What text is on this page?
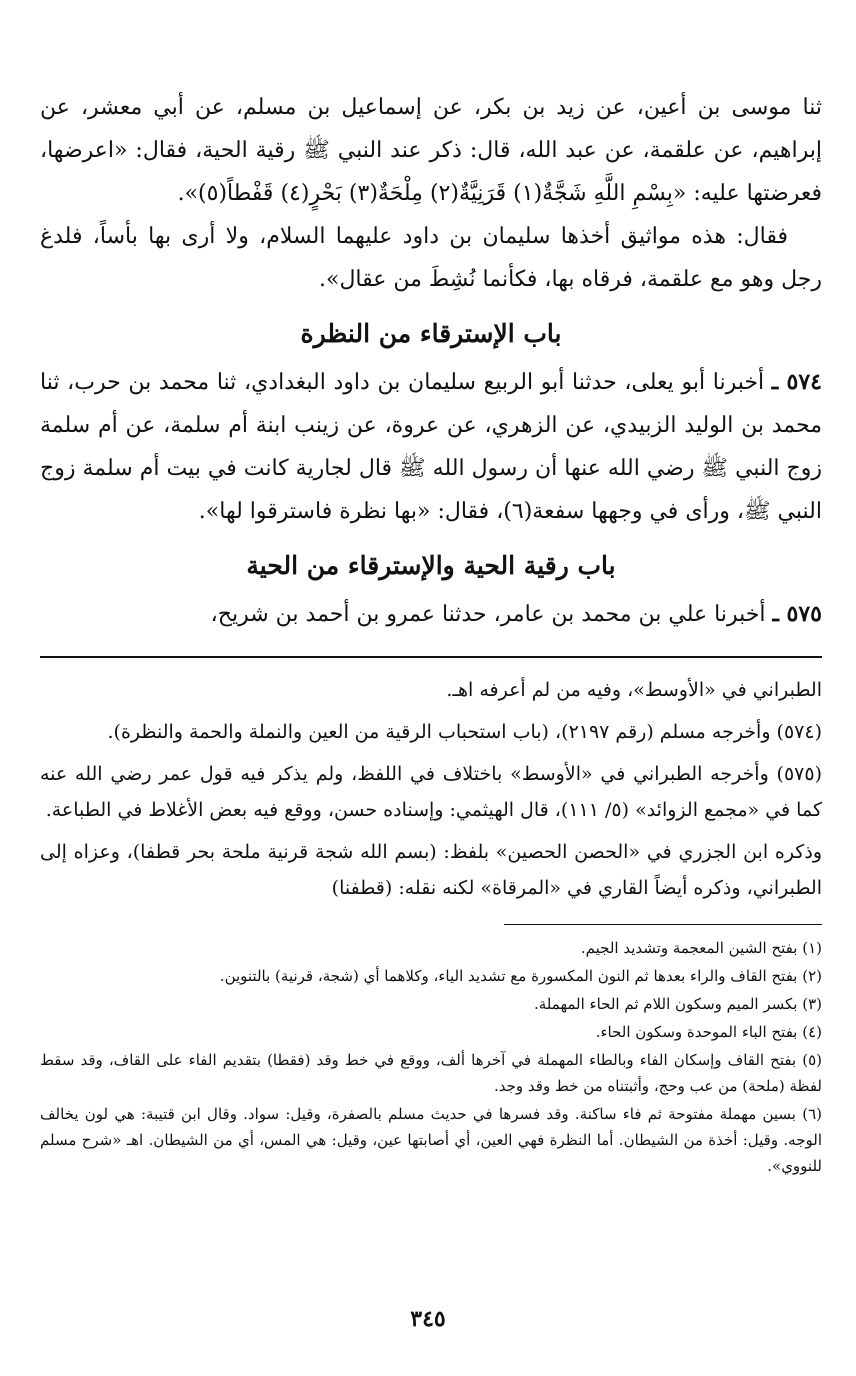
ثنا موسى بن أعين، عن زيد بن بكر، عن إسماعيل بن مسلم، عن أبي معشر، عن إبراهيم، عن علقمة، عن عبد الله، قال: ذكر عند النبي ﷺ رقية الحية، فقال: «اعرضها، فعرضتها عليه: «بِسْمِ اللَّهِ شَجَّةٌ(١) قَرَنِيَّةٌ(٢) مِلْحَةٌ(٣) بَحْرٍ(٤) قَفْطاً(٥)».

فقال: هذه مواثيق أخذها سليمان بن داود عليهما السلام، ولا أرى بها بأساً، فلدغ رجل وهو مع علقمة، فرقاه بها، فكأنما نُشِطَ من عقال».

باب الإسترقاء من النظرة

٥٧٤ ـ أخبرنا أبو يعلى، حدثنا أبو الربيع سليمان بن داود البغدادي، ثنا محمد بن حرب، ثنا محمد بن الوليد الزبيدي، عن الزهري، عن عروة، عن زينب ابنة أم سلمة، عن أم سلمة زوج النبي ﷺ رضي الله عنها أن رسول الله ﷺ قال لجارية كانت في بيت أم سلمة زوج النبي ﷺ، ورأى في وجهها سفعة(٦)، فقال: «بها نظرة فاسترقوا لها».

باب رقية الحية والإسترقاء من الحية

٥٧٥ ـ أخبرنا علي بن محمد بن عامر، حدثنا عمرو بن أحمد بن شريح،

الطبراني في «الأوسط»، وفيه من لم أعرفه اهـ.

(٥٧٤) وأخرجه مسلم (رقم ٢١٩٧)، (باب استحباب الرقية من العين والنملة والحمة والنظرة).

(٥٧٥) وأخرجه الطبراني في «الأوسط» باختلاف في اللفظ، ولم يذكر فيه قول عمر رضي الله عنه كما في «مجمع الزوائد» (٥/ ١١١)، قال الهيثمي: وإسناده حسن، ووقع فيه بعض الأغلاط في الطباعة.

وذكره ابن الجزري في «الحصن الحصين» بلفظ: (بسم الله شجة قرنية ملحة بحر قطفا)، وعزاه إلى الطبراني، وذكره أيضاً القاري في «المرقاة» لكنه نقله: (قطفنا)

(١) بفتح الشين المعجمة وتشديد الجيم.

(٢) بفتح القاف والراء بعدها ثم النون المكسورة مع تشديد الياء، وكلاهما أي (شجة، قرنية) بالتنوين.

(٣) بكسر الميم وسكون اللام ثم الحاء المهملة.

(٤) بفتح الباء الموحدة وسكون الحاء.

(٥) بفتح القاف وإسكان الفاء وبالطاء المهملة في آخرها ألف، ووقع في خط وقد (فقطا) بتقديم الفاء على القاف، وقد سقط لفظة (ملحة) من عب وحج، وأثبتناه من خط وقد وجد.

(٦) بسين مهملة مفتوحة ثم فاء ساكنة. وقد فسرها في حديث مسلم بالصفرة، وقيل: سواد. وقال ابن قتيبة: هي لون يخالف الوجه. وقيل: أخذة من الشيطان. أما النظرة فهي العين، أي أصابتها عين، وقيل: هي المس، أي من الشيطان. اهـ «شرح مسلم للنووي».

٣٤٥
